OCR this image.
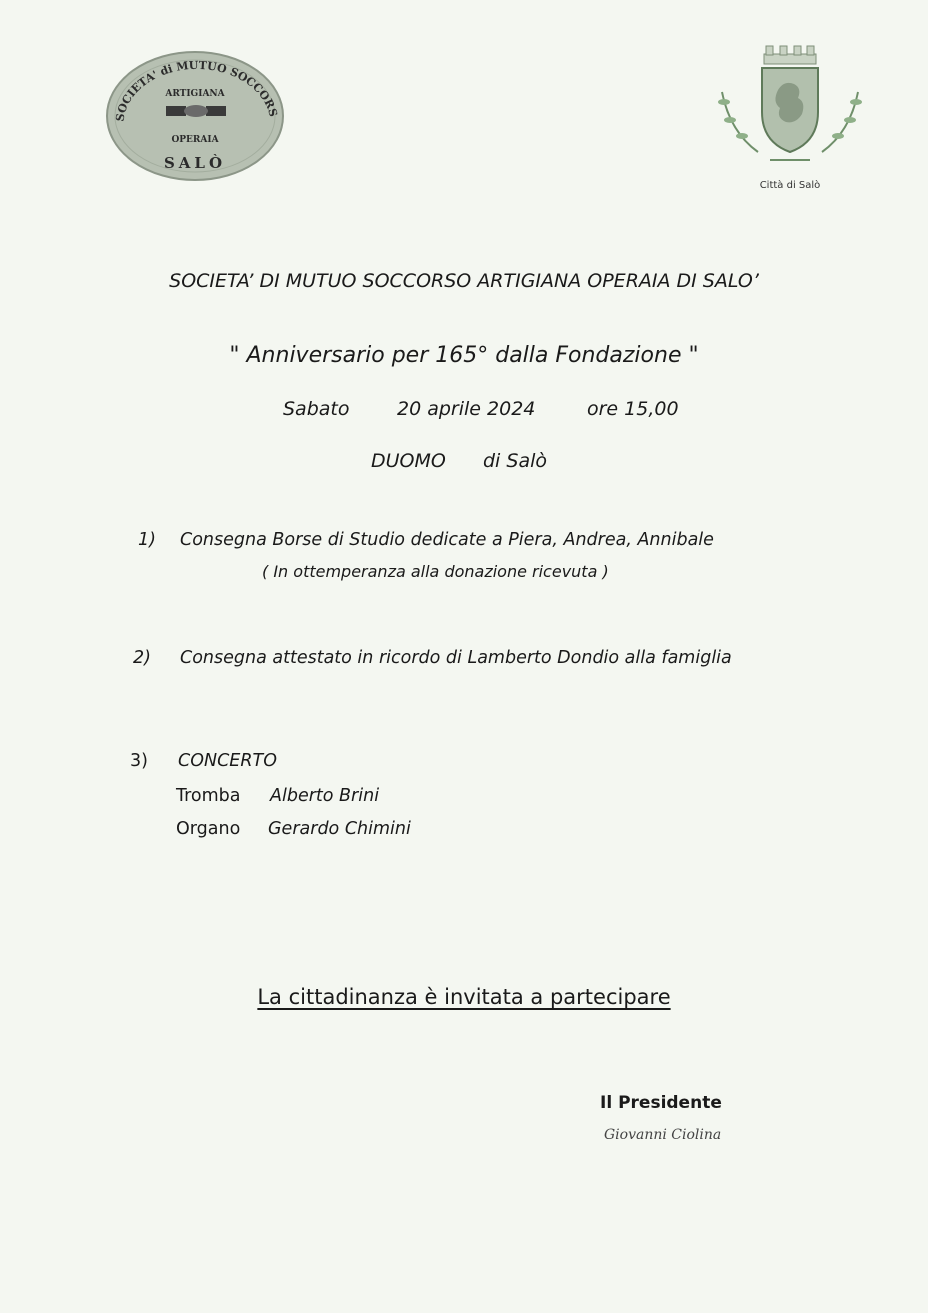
SOCIETA' di MUTUO SOCCORS
ARTIGIANA
OPERAIA
SALÒ
Città di Salò
SOCIETA’ DI MUTUO SOCCORSO ARTIGIANA OPERAIA DI SALO’
" Anniversario per 165° dalla Fondazione "
Sabato	20 aprile 2024	ore 15,00
DUOMO di Salò
1) Consegna Borse di Studio dedicate a Piera, Andrea, Annibale
( In ottemperanza alla donazione ricevuta )
2) Consegna attestato in ricordo di Lamberto Dondio alla famiglia
3) CONCERTO
Tromba Alberto Brini
Organo Gerardo Chimini
La cittadinanza è invitata a partecipare
Il Presidente
Giovanni Ciolina
